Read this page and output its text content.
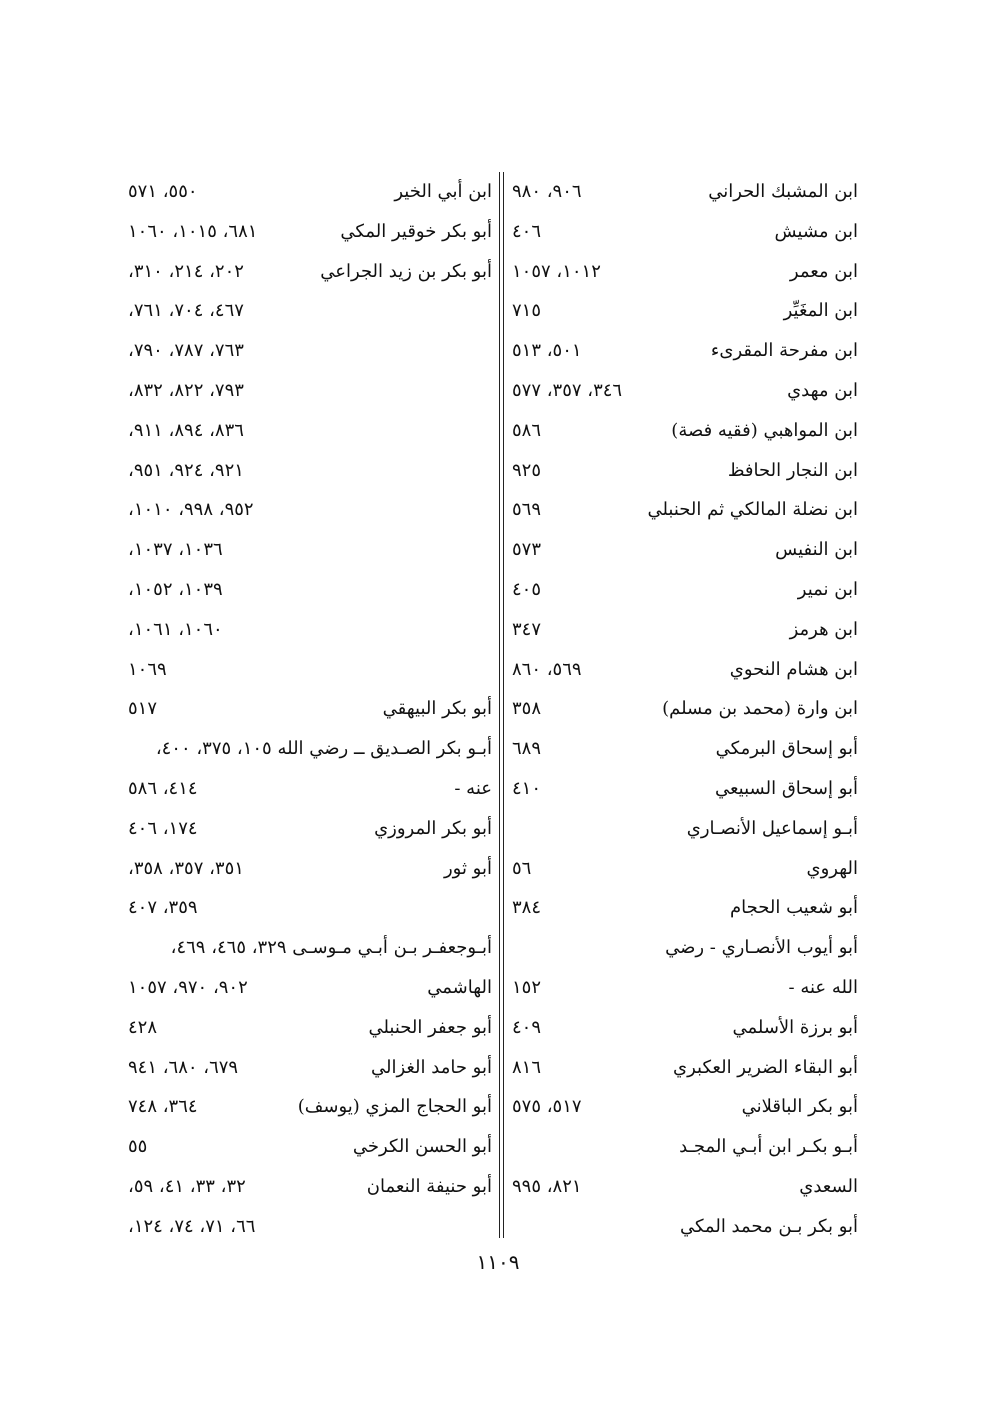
ابن المشبك الحراني
٩٠٦، ٩٨٠
ابن مشيش
٤٠٦
ابن معمر
١٠١٢، ١٠٥٧
ابن المغَيِّر
٧١٥
ابن مفرحة المقرىء
٥٠١، ٥١٣
ابن مهدي
٣٤٦، ٣٥٧، ٥٧٧
ابن المواهبي (فقيه فصة)
٥٨٦
ابن النجار الحافظ
٩٢٥
ابن نضلة المالكي ثم الحنبلي
٥٦٩
ابن النفيس
٥٧٣
ابن نمير
٤٠٥
ابن هرمز
٣٤٧
ابن هشام النحوي
٥٦٩، ٨٦٠
ابن وارة (محمد بن مسلم)
٣٥٨
أبو إسحاق البرمكي
٦٨٩
أبو إسحاق السبيعي
٤١٠
أبـو إسماعيل الأنصـاري
الهروي
٥٦
أبو شعيب الحجام
٣٨٤
أبو أيوب الأنصـاري - رضي
الله عنه -
١٥٢
أبو برزة الأسلمي
٤٠٩
أبو البقاء الضرير العكبري
٨١٦
أبو بكر الباقلاني
٥١٧، ٥٧٥
أبـو بكـر ابن أبـي المجـد
السعدي
٨٢١، ٩٩٥
أبو بكر بـن محمد المكي
ابن أبي الخير
٥٥٠، ٥٧١
أبو بكر خوقير المكي
٦٨١، ١٠١٥، ١٠٦٠
أبو بكر بن زيد الجراعي
٢٠٢، ٢١٤، ٣١٠،
٤٦٧، ٧٠٤، ٧٦١،
٧٦٣، ٧٨٧، ٧٩٠،
٧٩٣، ٨٢٢، ٨٣٢،
٨٣٦، ٨٩٤، ٩١١،
٩٢١، ٩٢٤، ٩٥١،
٩٥٢، ٩٩٨، ١٠١٠،
١٠٣٦، ١٠٣٧،
١٠٣٩، ١٠٥٢،
١٠٦٠، ١٠٦١،
١٠٦٩
أبو بكر البيهقي
٥١٧
أبـو بكر الصـديق ــ رضي الله ١٠٥، ٣٧٥، ٤٠٠،
عنه -
٤١٤، ٥٨٦
أبو بكر المروزي
١٧٤، ٤٠٦
أبو ثور
٣٥١، ٣٥٧، ٣٥٨،
٣٥٩، ٤٠٧
أبـوجعفـر بـن أبـي مـوسـى ٣٢٩، ٤٦٥، ٤٦٩،
الهاشمي
٩٠٢، ٩٧٠، ١٠٥٧
أبو جعفر الحنبلي
٤٢٨
أبو حامد الغزالي
٦٧٩، ٦٨٠، ٩٤١
أبو الحجاج المزي (يوسف)
٣٦٤، ٧٤٨
أبو الحسن الكرخي
٥٥
أبو حنيفة النعمان
٣٢، ٣٣، ٤١، ٥٩،
٦٦، ٧١، ٧٤، ١٢٤،
١١٠٩
